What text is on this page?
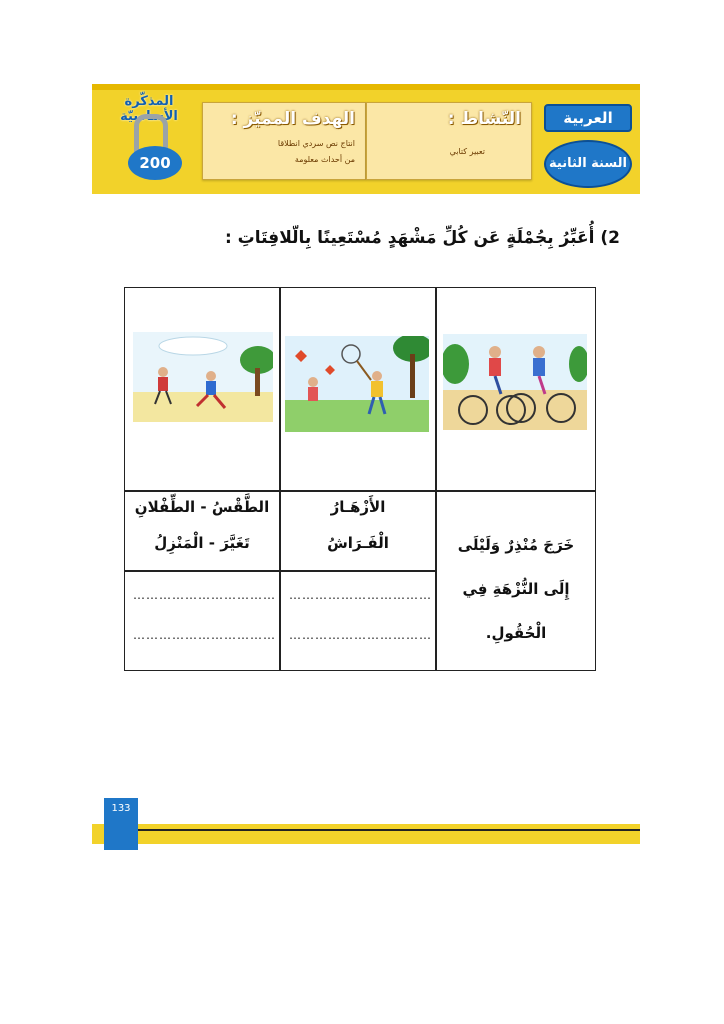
المذكّرة الأساسيّة
200
الهدف المميّز :
انتاج نص سردي انطلاقا
من أحداث معلومة
النّشاط :
تعبير كتابي
العربية
السنة الثانية
2) أُعَبِّرُ بِجُمْلَةٍ عَن كُلِّ مَشْهَدٍ مُسْتَعِينًا بِالّلافِتَاتِ :
خَرَجَ مُنْذِرٌ وَلَيْلَى
إِلَى النُّزْهَةِ فِي
الْحُقُولِ.
الأَزْهَـارُ
الْفَـرَاشُ
……………………………
……………………………
الطَّقْسُ - الطِّفْلانِ
تَغَيَّرَ - الْمَنْزِلُ
……………………………
……………………………
133
